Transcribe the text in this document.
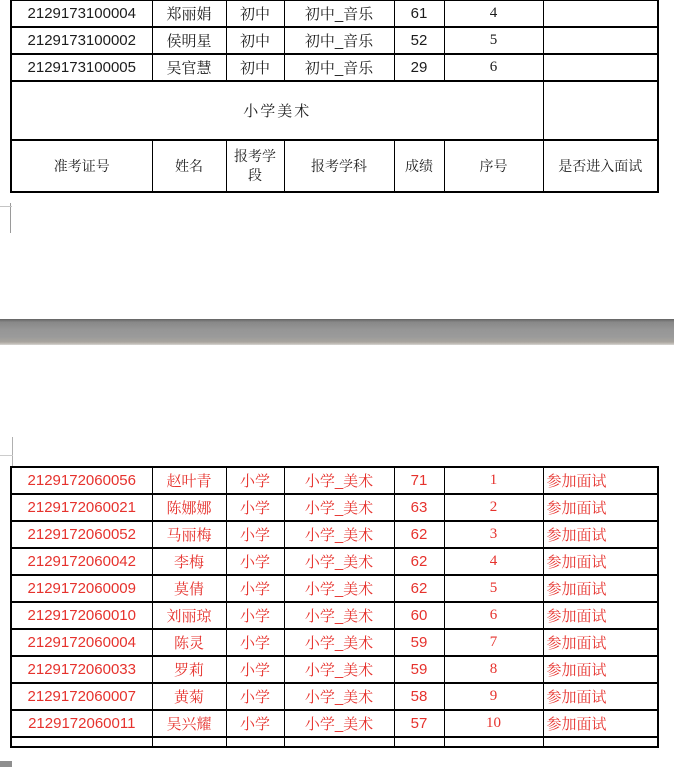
2129173100004	郑丽娟	初中	初中_音乐	61	4	
2129173100002	侯明星	初中	初中_音乐	52	5	
2129173100005	吴官慧	初中	初中_音乐	29	6	
小学美术						
准考证号	姓名	报考学段	报考学科	成绩	序号	是否进入面试
2129172060056	赵叶青	小学	小学_美术	71	1	参加面试
2129172060021	陈娜娜	小学	小学_美术	63	2	参加面试
2129172060052	马丽梅	小学	小学_美术	62	3	参加面试
2129172060042	李梅	小学	小学_美术	62	4	参加面试
2129172060009	莫倩	小学	小学_美术	62	5	参加面试
2129172060010	刘丽琼	小学	小学_美术	60	6	参加面试
2129172060004	陈灵	小学	小学_美术	59	7	参加面试
2129172060033	罗莉	小学	小学_美术	59	8	参加面试
2129172060007	黄菊	小学	小学_美术	58	9	参加面试
2129172060011	吴兴耀	小学	小学_美术	57	10	参加面试
